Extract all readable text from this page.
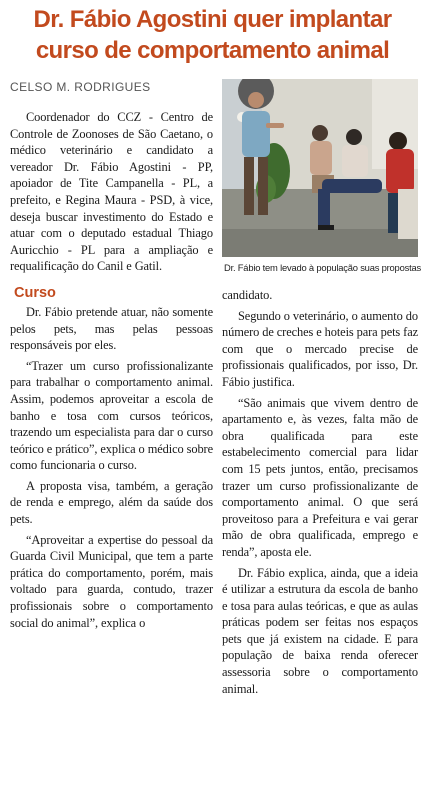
Dr. Fábio Agostini quer implantar
curso de comportamento animal
CELSO M. RODRIGUES

Coordenador do CCZ - Centro de Controle de Zoonoses de São Caetano, o médico veterinário e candidato a vereador Dr. Fábio Agostini - PP, apoiador de Tite Campanella - PL, a prefeito, e Regina Maura - PSD, à vice, deseja buscar investimento do Estado e atuar com o deputado estadual Thiago Auricchio - PL para a ampliação e requalificação do Canil e Gatil.

Curso

Dr. Fábio pretende atuar, não somente pelos pets, mas pelas pessoas responsáveis por eles.

“Trazer um curso profissionalizante para trabalhar o comportamento animal. Assim, podemos aproveitar a escola de banho e tosa com cursos teóricos, trazendo um especialista para dar o curso teórico e prático”, explica o médico sobre como funcionaria o curso.

A proposta visa, também, a geração de renda e emprego, além da saúde dos pets.

“Aproveitar a expertise do pessoal da Guarda Civil Municipal, que tem a parte prática do comportamento, porém, mais voltado para guarda, contudo, trazer profissionais sobre o comportamento social do animal”, explica o

Dr. Fábio tem levado à população suas propostas

candidato.

Segundo o veterinário, o aumento do número de creches e hoteis para pets faz com que o mercado precise de profissionais qualificados, por isso, Dr. Fábio justifica.

“São animais que vivem dentro de apartamento e, às vezes, falta mão de obra qualificada para este estabelecimento comercial para lidar com 15 pets juntos, então, precisamos trazer um curso profissionalizante de comportamento animal. O que será proveitoso para a Prefeitura e vai gerar mão de obra qualificada, emprego e renda”, aposta ele.

Dr. Fábio explica, ainda, que a ideia é utilizar a estrutura da escola de banho e tosa para aulas teóricas, e que as aulas práticas podem ser feitas nos espaços pets que já existem na cidade. E para população de baixa renda oferecer assessoria sobre o comportamento animal.
